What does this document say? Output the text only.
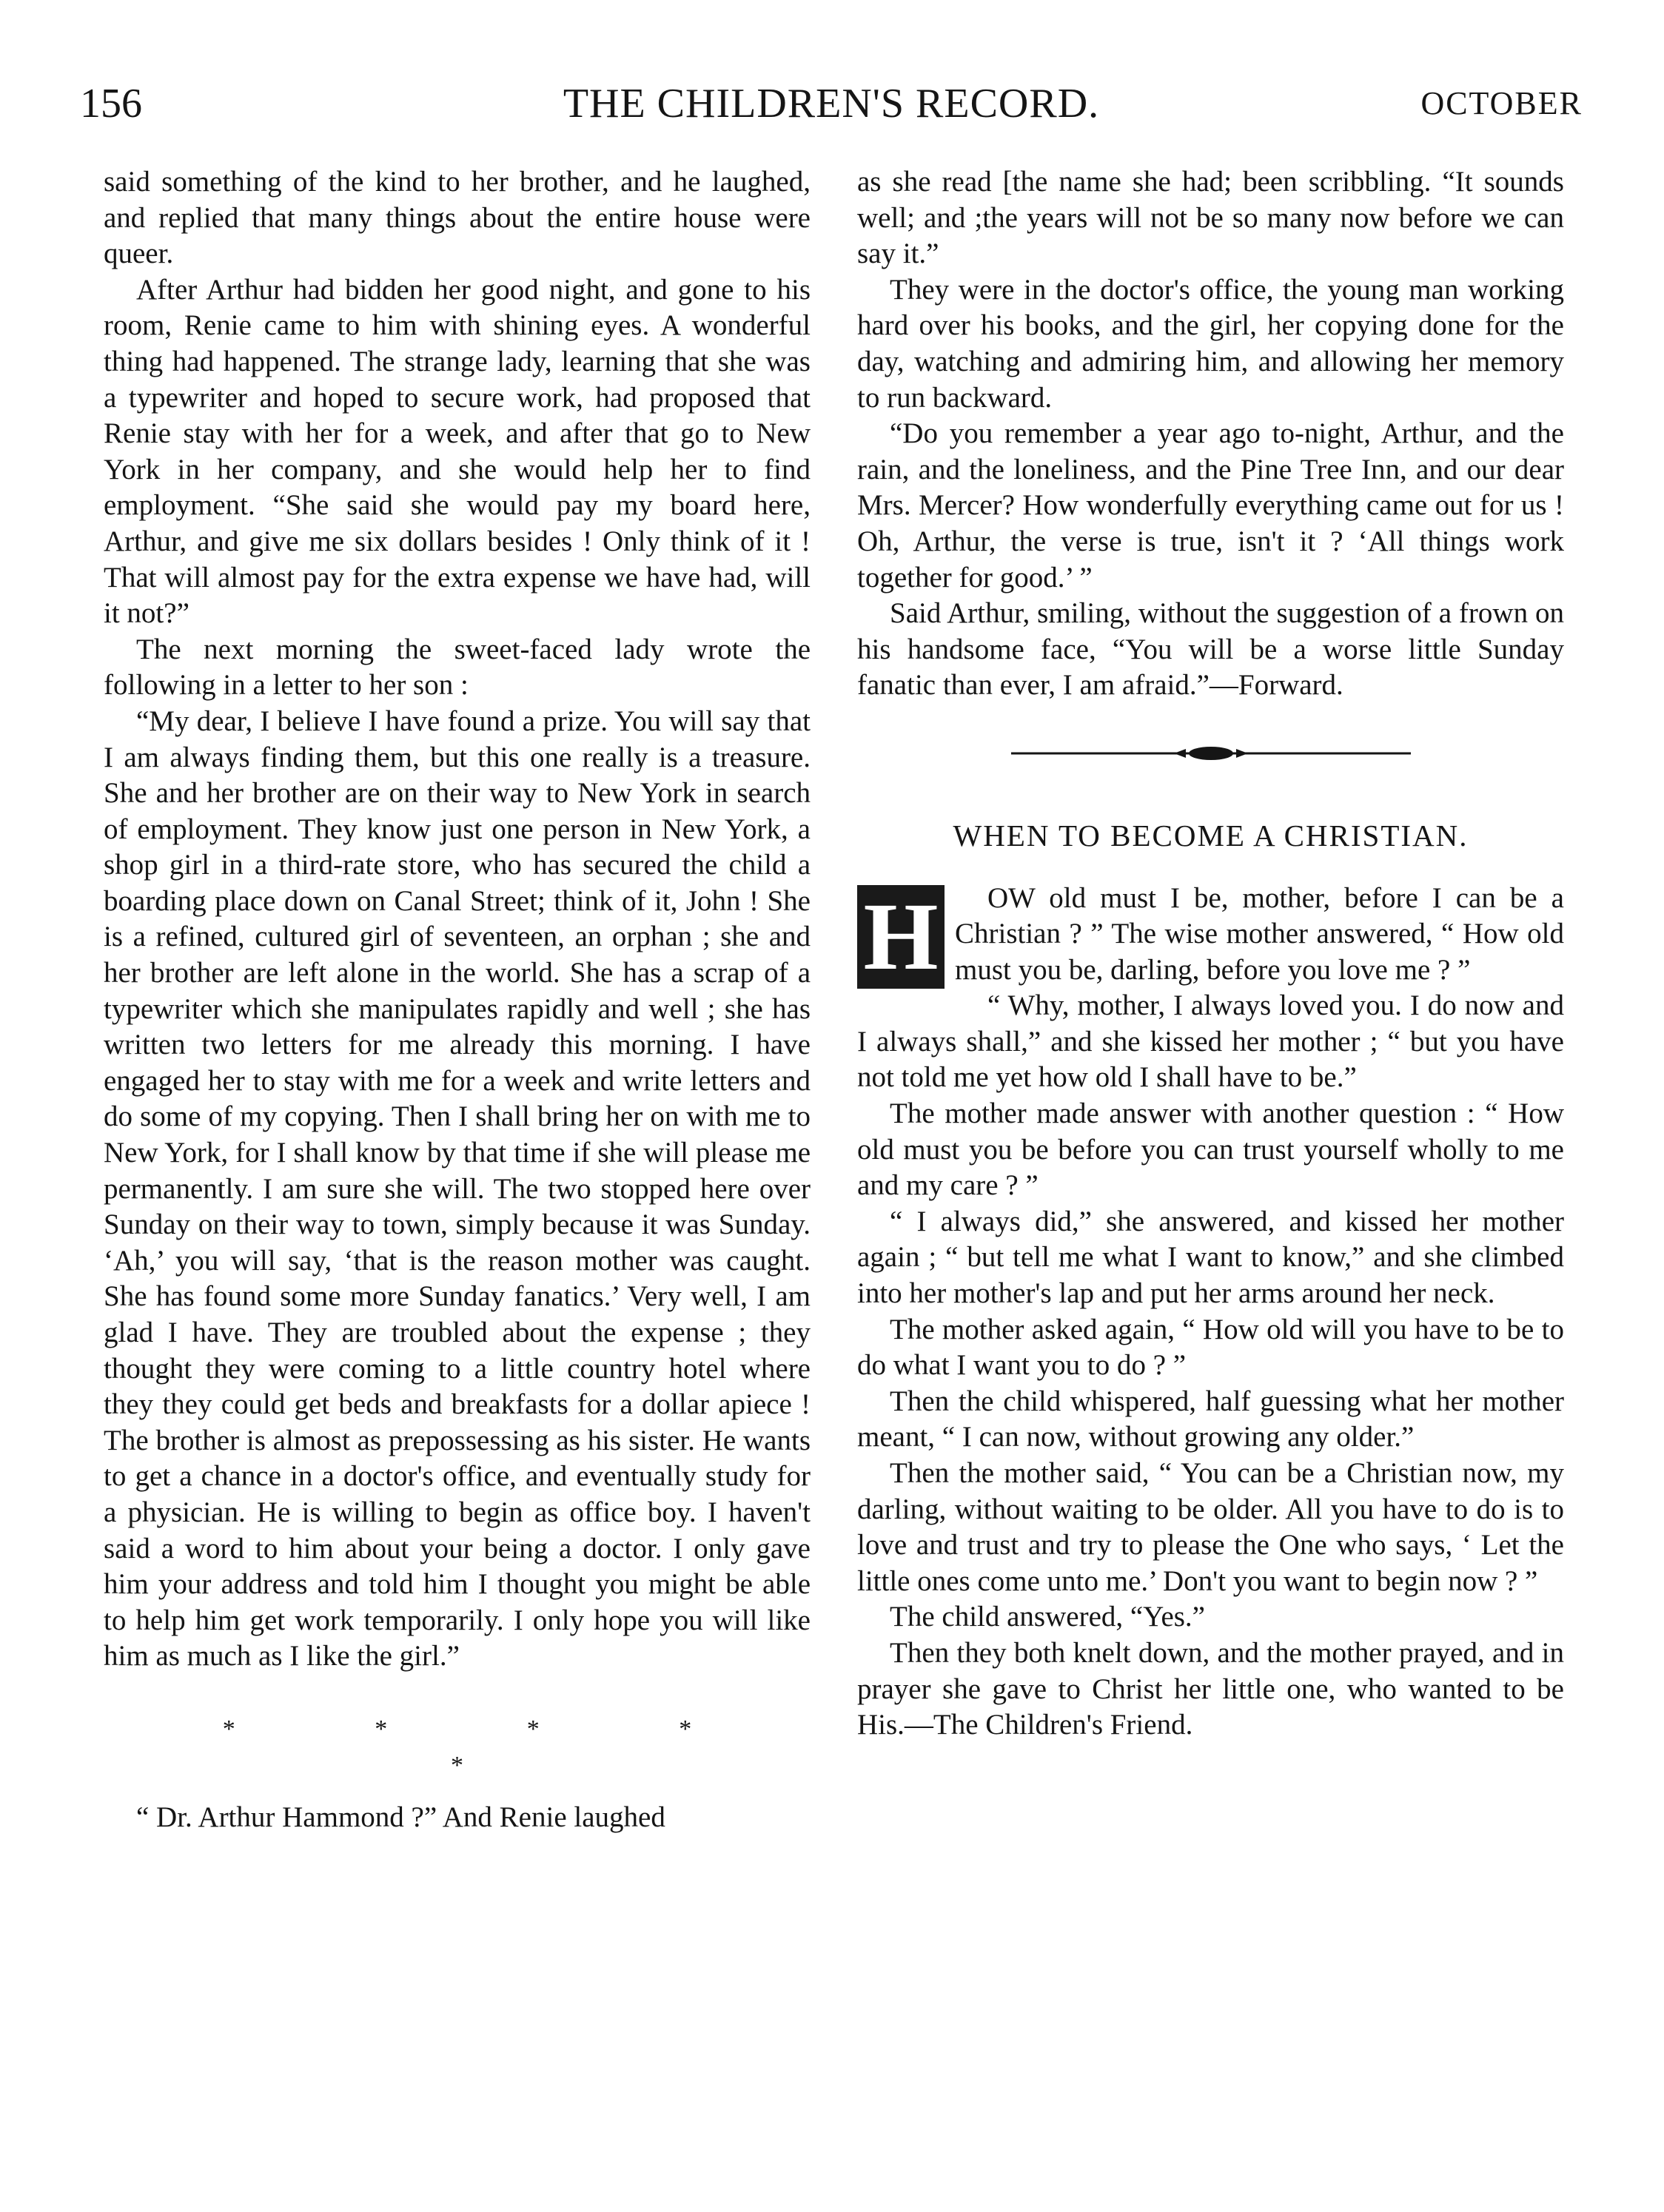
156	THE CHILDREN'S RECORD.	OCTOBER

said something of the kind to her brother, and he laughed, and replied that many things about the entire house were queer.

After Arthur had bidden her good night, and gone to his room, Renie came to him with shining eyes. A wonderful thing had happened. The strange lady, learning that she was a typewriter and hoped to secure work, had proposed that Renie stay with her for a week, and after that go to New York in her company, and she would help her to find employment. “She said she would pay my board here, Arthur, and give me six dollars besides ! Only think of it ! That will almost pay for the extra expense we have had, will it not?”

The next morning the sweet-faced lady wrote the following in a letter to her son :

“My dear, I believe I have found a prize. You will say that I am always finding them, but this one really is a treasure. She and her brother are on their way to New York in search of employment. They know just one person in New York, a shop girl in a third-rate store, who has secured the child a boarding place down on Canal Street; think of it, John ! She is a refined, cultured girl of seventeen, an orphan ; she and her brother are left alone in the world. She has a scrap of a typewriter which she manipulates rapidly and well ; she has written two letters for me already this morning. I have engaged her to stay with me for a week and write letters and do some of my copying. Then I shall bring her on with me to New York, for I shall know by that time if she will please me permanently. I am sure she will. The two stopped here over Sunday on their way to town, simply because it was Sunday. ‘Ah,’ you will say, ‘that is the reason mother was caught. She has found some more Sunday fanatics.’ Very well, I am glad I have. They are troubled about the expense ; they thought they were coming to a little country hotel where they they could get beds and breakfasts for a dollar apiece ! The brother is almost as prepossessing as his sister. He wants to get a chance in a doctor's office, and eventually study for a physician. He is willing to begin as office boy. I haven't said a word to him about your being a doctor. I only gave him your address and told him I thought you might be able to help him get work temporarily. I only hope you will like him as much as I like the girl.”

* * * * *

“ Dr. Arthur Hammond ?” And Renie laughed

as she read [the name she had; been scribbling. “It sounds well; and ;the years will not be so many now before we can say it.”

They were in the doctor's office, the young man working hard over his books, and the girl, her copying done for the day, watching and admiring him, and allowing her memory to run backward.

“Do you remember a year ago to-night, Arthur, and the rain, and the loneliness, and the Pine Tree Inn, and our dear Mrs. Mercer? How wonderfully everything came out for us ! Oh, Arthur, the verse is true, isn't it ? ‘All things work together for good.’ ”

Said Arthur, smiling, without the suggestion of a frown on his handsome face, “You will be a worse little Sunday fanatic than ever, I am afraid.”—Forward.

WHEN TO BECOME A CHRISTIAN.
H	OW old must I be, mother, before I can be a Christian ? ” The wise mother answered, “ How old must you be, darling, before you love me ? ”

“ Why, mother, I always loved you. I do now and I always shall,” and she kissed her mother ; “ but you have not told me yet how old I shall have to be.”

The mother made answer with another question : “ How old must you be before you can trust yourself wholly to me and my care ? ”

“ I always did,” she answered, and kissed her mother again ; “ but tell me what I want to know,” and she climbed into her mother's lap and put her arms around her neck.

The mother asked again, “ How old will you have to be to do what I want you to do ? ”

Then the child whispered, half guessing what her mother meant, “ I can now, without growing any older.”

Then the mother said, “ You can be a Christian now, my darling, without waiting to be older. All you have to do is to love and trust and try to please the One who says, ‘ Let the little ones come unto me.’ Don't you want to begin now ? ”

The child answered, “Yes.”

Then they both knelt down, and the mother prayed, and in prayer she gave to Christ her little one, who wanted to be His.—The Children's Friend.
